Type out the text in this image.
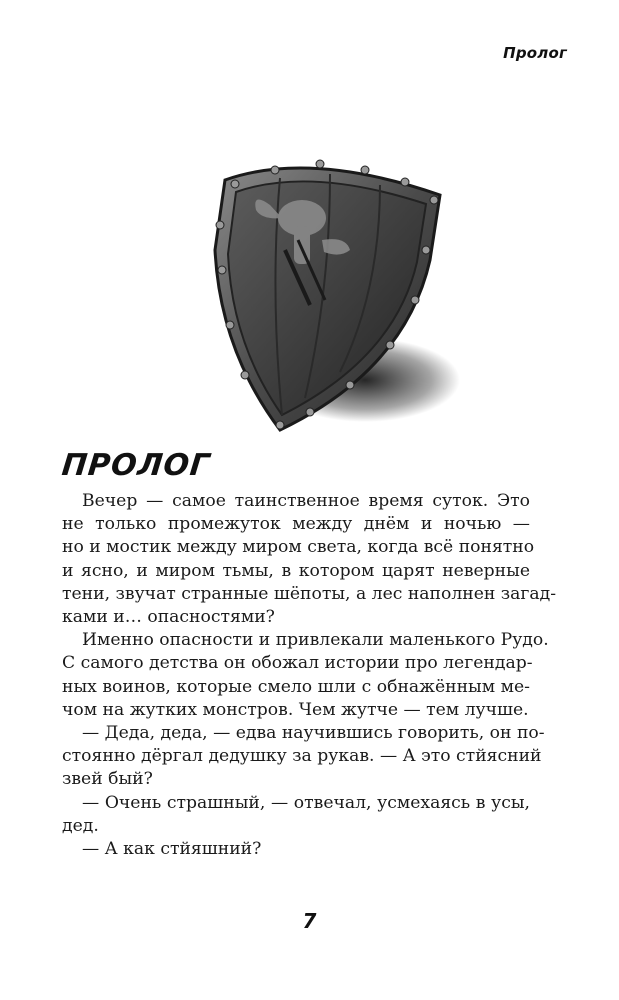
Пролог
ПРОЛОГ

Вечер — самое таинственное время суток. Это
не только промежуток между днём и ночью —
но и мостик между миром света, когда всё понятно
и ясно, и миром тьмы, в котором царят неверные
тени, звучат странные шёпоты, а лес наполнен загад-
ками и… опасностями?

Именно опасности и привлекали маленького Рудо.
С самого детства он обожал истории про легендар-
ных воинов, которые смело шли с обнажённым ме-
чом на жутких монстров. Чем жутче — тем лучше.

— Деда, деда, — едва научившись говорить, он по-
стоянно дёргал дедушку за рукав. — А это стйясний
звей бый?

— Очень страшный, — отвечал, усмехаясь в усы,
дед.

— А как стйяшний?

7
